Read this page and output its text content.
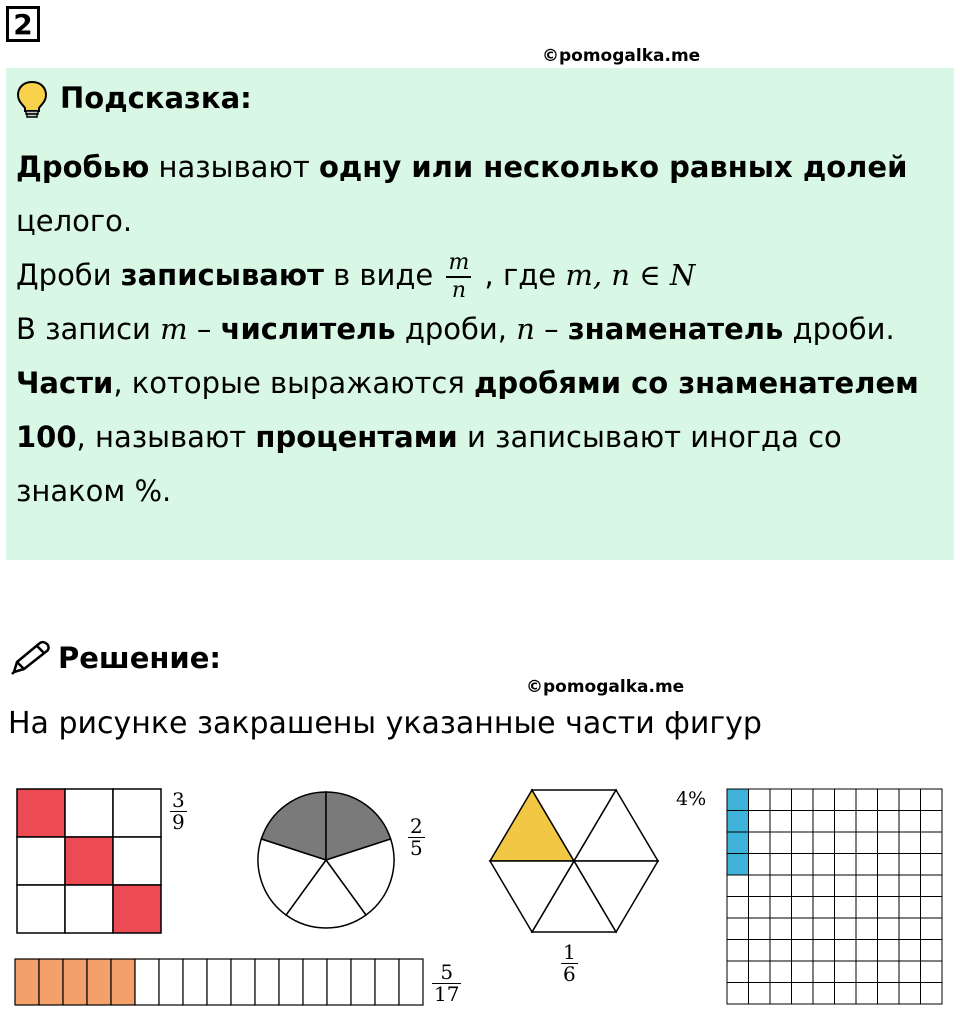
2
©pomogalka.me
Подсказка:

Дробью называют одну или несколько равных долей

целого.

Дроби записывают в виде $\frac{m}{n}$ , где m, n ∈ N

В записи m – числитель дроби, n – знаменатель дроби.

Части, которые выражаются дробями со знаменателем

100, называют процентами и записывают иногда со

знаком %.

Решение:
©pomogalka.me
На рисунке закрашены указанные части фигур
$\frac{3}{9}$
$\frac{2}{5}$
$\frac{1}{6}$
$\frac{5}{17}$
4%
